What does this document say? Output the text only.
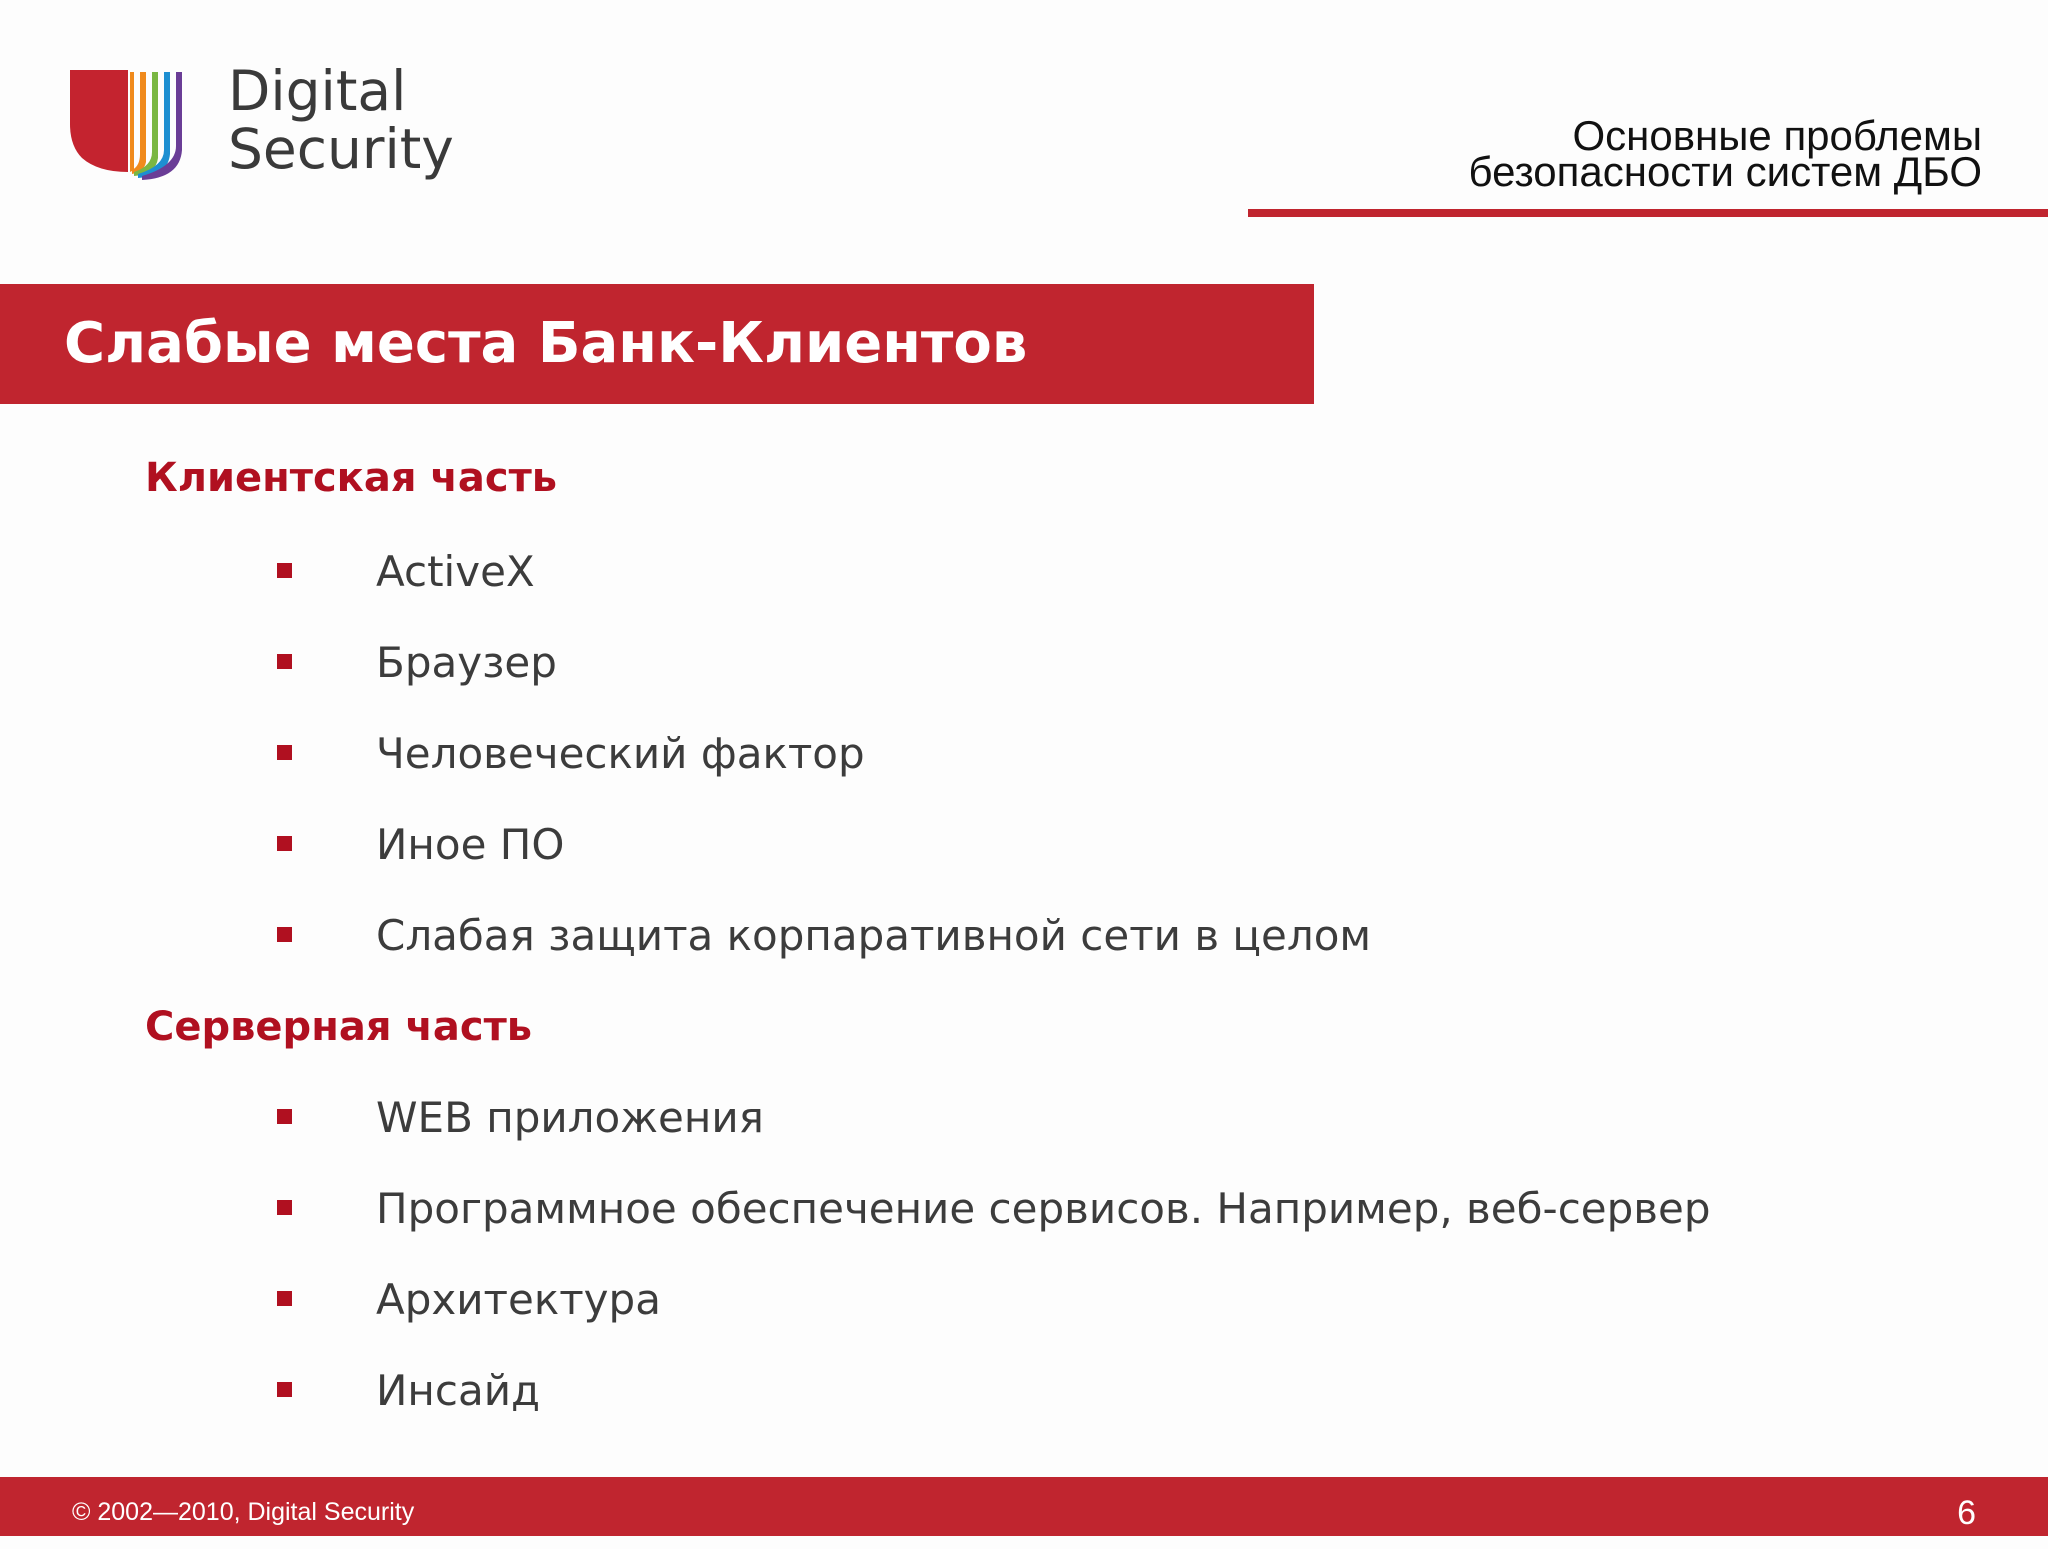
Digital
Security	Основные проблемы
безопасности систем ДБО
Слабые места Банк-Клиентов
Клиентская часть
ActiveX
Браузер
Человеческий фактор
Иное ПО
Слабая защита корпаративной сети в целом
Серверная часть
WEB приложения
Программное обеспечение сервисов. Например, веб-сервер
Архитектура
Инсайд
© 2002—2010, Digital Security	6
